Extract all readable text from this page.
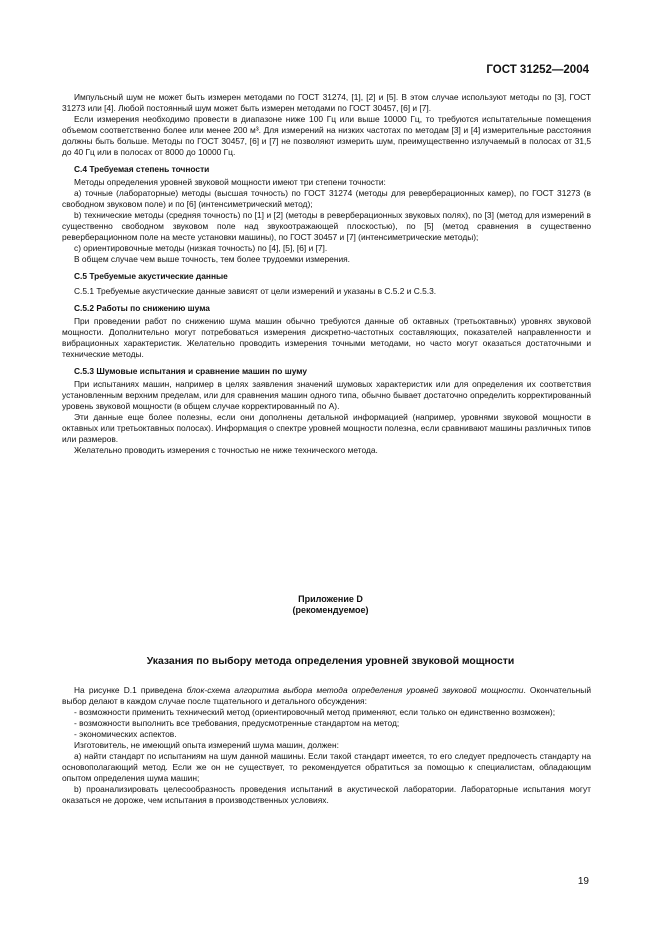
ГОСТ 31252—2004

Импульсный шум не может быть измерен методами по ГОСТ 31274, [1], [2] и [5]. В этом случае используют методы по [3], ГОСТ 31273 или [4]. Любой постоянный шум может быть измерен методами по ГОСТ 30457, [6] и [7].

Если измерения необходимо провести в диапазоне ниже 100 Гц или выше 10000 Гц, то требуются испытательные помещения объемом соответственно более или менее 200 м³. Для измерений на низких частотах по методам [3] и [4] измерительные расстояния должны быть больше. Методы по ГОСТ 30457, [6] и [7] не позволяют измерить шум, преимущественно излучаемый в полосах от 31,5 до 40 Гц или в полосах от 8000 до 10000 Гц.

С.4 Требуемая степень точности

Методы определения уровней звуковой мощности имеют три степени точности:

а) точные (лабораторные) методы (высшая точность) по ГОСТ 31274 (методы для реверберационных камер), по ГОСТ 31273 (в свободном звуковом поле) и по [6] (интенсиметрический метод);

b) технические методы (средняя точность) по [1] и [2] (методы в реверберационных звуковых полях), по [3] (метод для измерений в существенно свободном звуковом поле над звукоотражающей плоскостью), по [5] (метод сравнения в существенно реверберационном поле на месте установки машины), по ГОСТ 30457 и [7] (интенсиметрические методы);

с) ориентировочные методы (низкая точность) по [4], [5], [6] и [7].

В общем случае чем выше точность, тем более трудоемки измерения.

С.5 Требуемые акустические данные

С.5.1 Требуемые акустические данные зависят от цели измерений и указаны в С.5.2 и С.5.3.

С.5.2 Работы по снижению шума

При проведении работ по снижению шума машин обычно требуются данные об октавных (третьоктавных) уровнях звуковой мощности. Дополнительно могут потребоваться измерения дискретно-частотных составляющих, показателей направленности и вибрационных характеристик. Желательно проводить измерения точными методами, но часто могут оказаться достаточными и технические методы.

С.5.3 Шумовые испытания и сравнение машин по шуму

При испытаниях машин, например в целях заявления значений шумовых характеристик или для определения их соответствия установленным верхним пределам, или для сравнения машин одного типа, обычно бывает достаточно определить корректированный уровень звуковой мощности (в общем случае корректированный по А).

Эти данные еще более полезны, если они дополнены детальной информацией (например, уровнями звуковой мощности в октавных или третьоктавных полосах). Информация о спектре уровней мощности полезна, если сравнивают машины различных типов или размеров.

Желательно проводить измерения с точностью не ниже технического метода.

Приложение D
(рекомендуемое)
Указания по выбору метода определения уровней звуковой мощности

На рисунке D.1 приведена блок-схема алгоритма выбора метода определения уровней звуковой мощности. Окончательный выбор делают в каждом случае после тщательного и детального обсуждения:

- возможности применить технический метод (ориентировочный метод применяют, если только он единственно возможен);

- возможности выполнить все требования, предусмотренные стандартом на метод;

- экономических аспектов.

Изготовитель, не имеющий опыта измерений шума машин, должен:

а) найти стандарт по испытаниям на шум данной машины. Если такой стандарт имеется, то его следует предпочесть стандарту на основополагающий метод. Если же он не существует, то рекомендуется обратиться за помощью к специалистам, обладающим опытом определения шума машин;

b) проанализировать целесообразность проведения испытаний в акустической лаборатории. Лабораторные испытания могут оказаться не дороже, чем испытания в производственных условиях.

19
